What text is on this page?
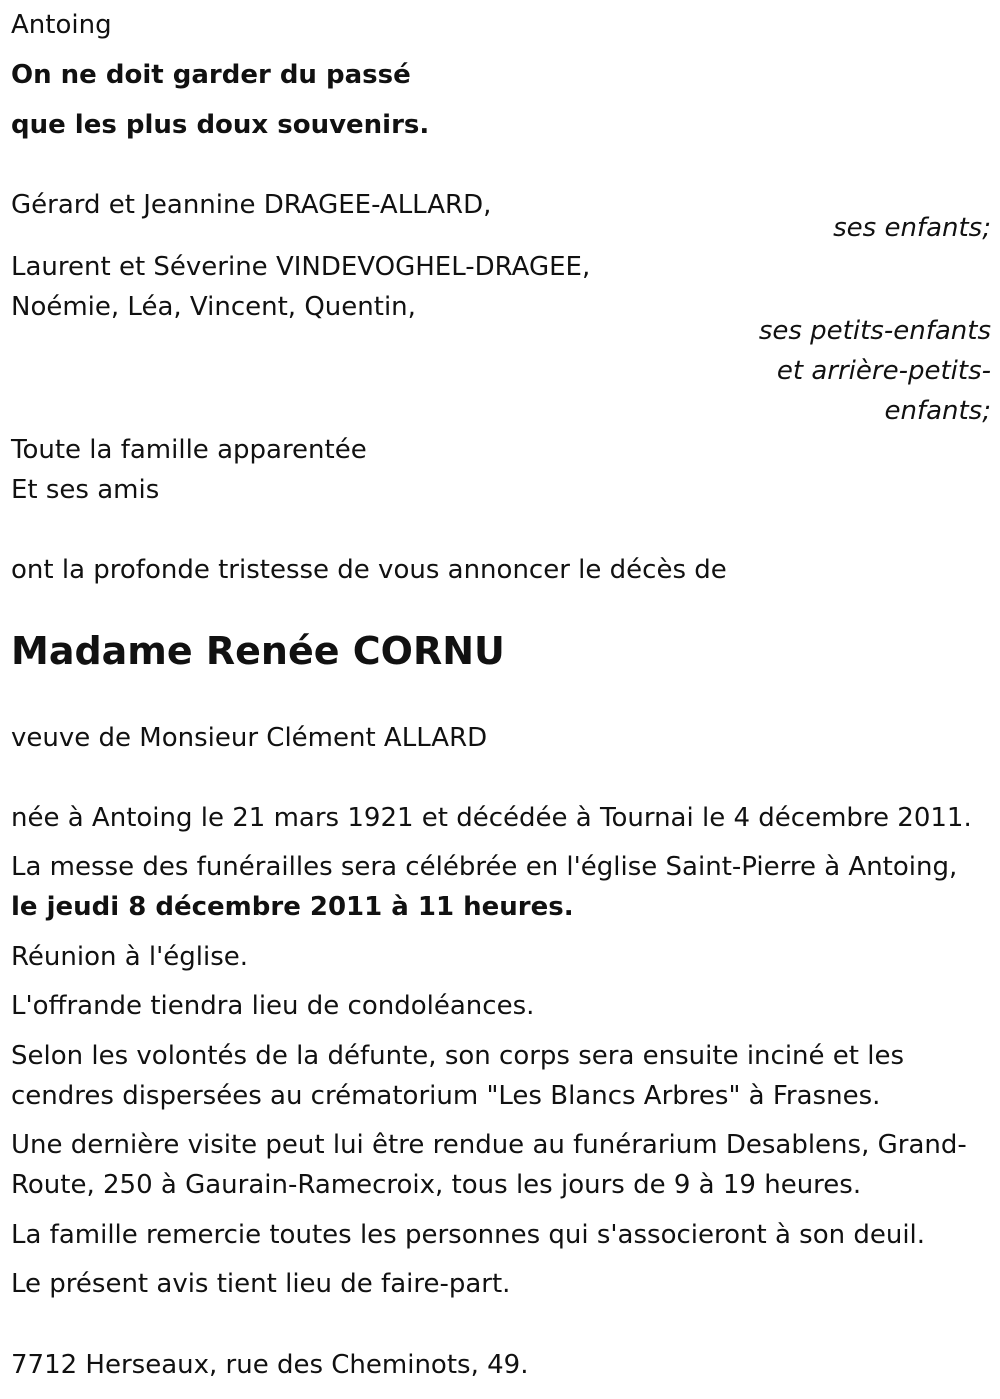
Antoing

On ne doit garder du passé

que les plus doux souvenirs.

Gérard et Jeannine DRAGEE-ALLARD,

ses enfants;

Laurent et Séverine VINDEVOGHEL-DRAGEE,

Noémie, Léa, Vincent, Quentin,

ses petits-enfants

et arrière-petits-

enfants;

Toute la famille apparentée

Et ses amis

ont la profonde tristesse de vous annoncer le décès de

Madame Renée CORNU

veuve de Monsieur Clément ALLARD

née à Antoing le 21 mars 1921 et décédée à Tournai le 4 décembre 2011.

La messe des funérailles sera célébrée en l'église Saint-Pierre à Antoing,

le jeudi 8 décembre 2011 à 11 heures.

Réunion à l'église.

L'offrande tiendra lieu de condoléances.

Selon les volontés de la défunte, son corps sera ensuite inciné et les

cendres dispersées au crématorium "Les Blancs Arbres" à Frasnes.

Une dernière visite peut lui être rendue au funérarium Desablens, Grand-

Route, 250 à Gaurain-Ramecroix, tous les jours de 9 à 19 heures.

La famille remercie toutes les personnes qui s'associeront à son deuil.

Le présent avis tient lieu de faire-part.

7712 Herseaux, rue des Cheminots, 49.
